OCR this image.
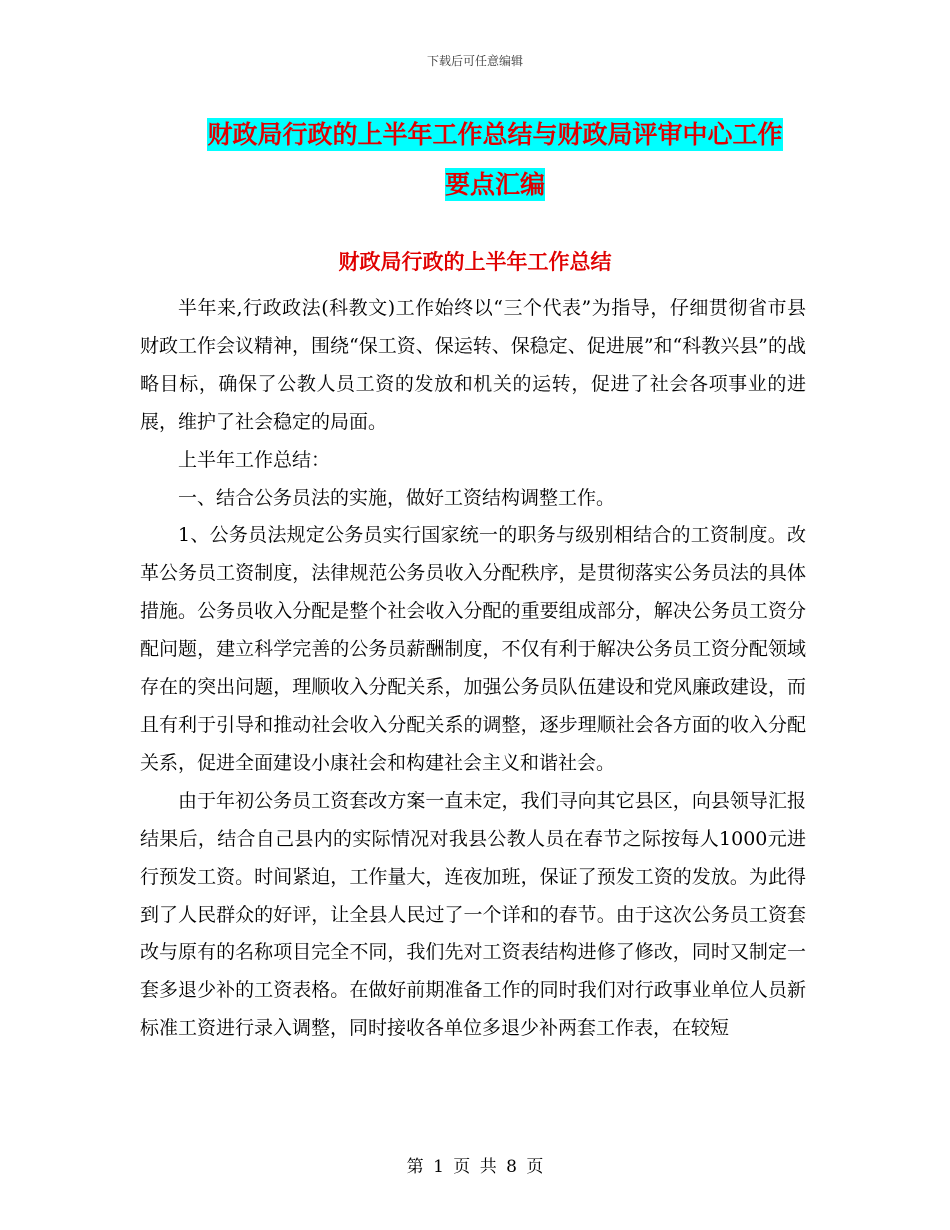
下载后可任意编辑
财政局行政的上半年工作总结与财政局评审中心工作
要点汇编
财政局行政的上半年工作总结

半年来,行政政法(科教文)工作始终以“三个代表”为指导，仔细贯彻省市县财政工作会议精神，围绕“保工资、保运转、保稳定、促进展”和“科教兴县”的战略目标，确保了公教人员工资的发放和机关的运转，促进了社会各项事业的进展，维护了社会稳定的局面。

上半年工作总结：

一、结合公务员法的实施，做好工资结构调整工作。

1、公务员法规定公务员实行国家统一的职务与级别相结合的工资制度。改革公务员工资制度，法律规范公务员收入分配秩序，是贯彻落实公务员法的具体措施。公务员收入分配是整个社会收入分配的重要组成部分，解决公务员工资分配问题，建立科学完善的公务员薪酬制度，不仅有利于解决公务员工资分配领域存在的突出问题，理顺收入分配关系，加强公务员队伍建设和党风廉政建设，而且有利于引导和推动社会收入分配关系的调整，逐步理顺社会各方面的收入分配关系，促进全面建设小康社会和构建社会主义和谐社会。

由于年初公务员工资套改方案一直未定，我们寻向其它县区，向县领导汇报结果后，结合自己县内的实际情况对我县公教人员在春节之际按每人1000元进行预发工资。时间紧迫，工作量大，连夜加班，保证了预发工资的发放。为此得到了人民群众的好评，让全县人民过了一个详和的春节。由于这次公务员工资套改与原有的名称项目完全不同，我们先对工资表结构进修了修改，同时又制定一套多退少补的工资表格。在做好前期准备工作的同时我们对行政事业单位人员新标准工资进行录入调整，同时接收各单位多退少补两套工作表，在较短

第 1 页 共 8 页
